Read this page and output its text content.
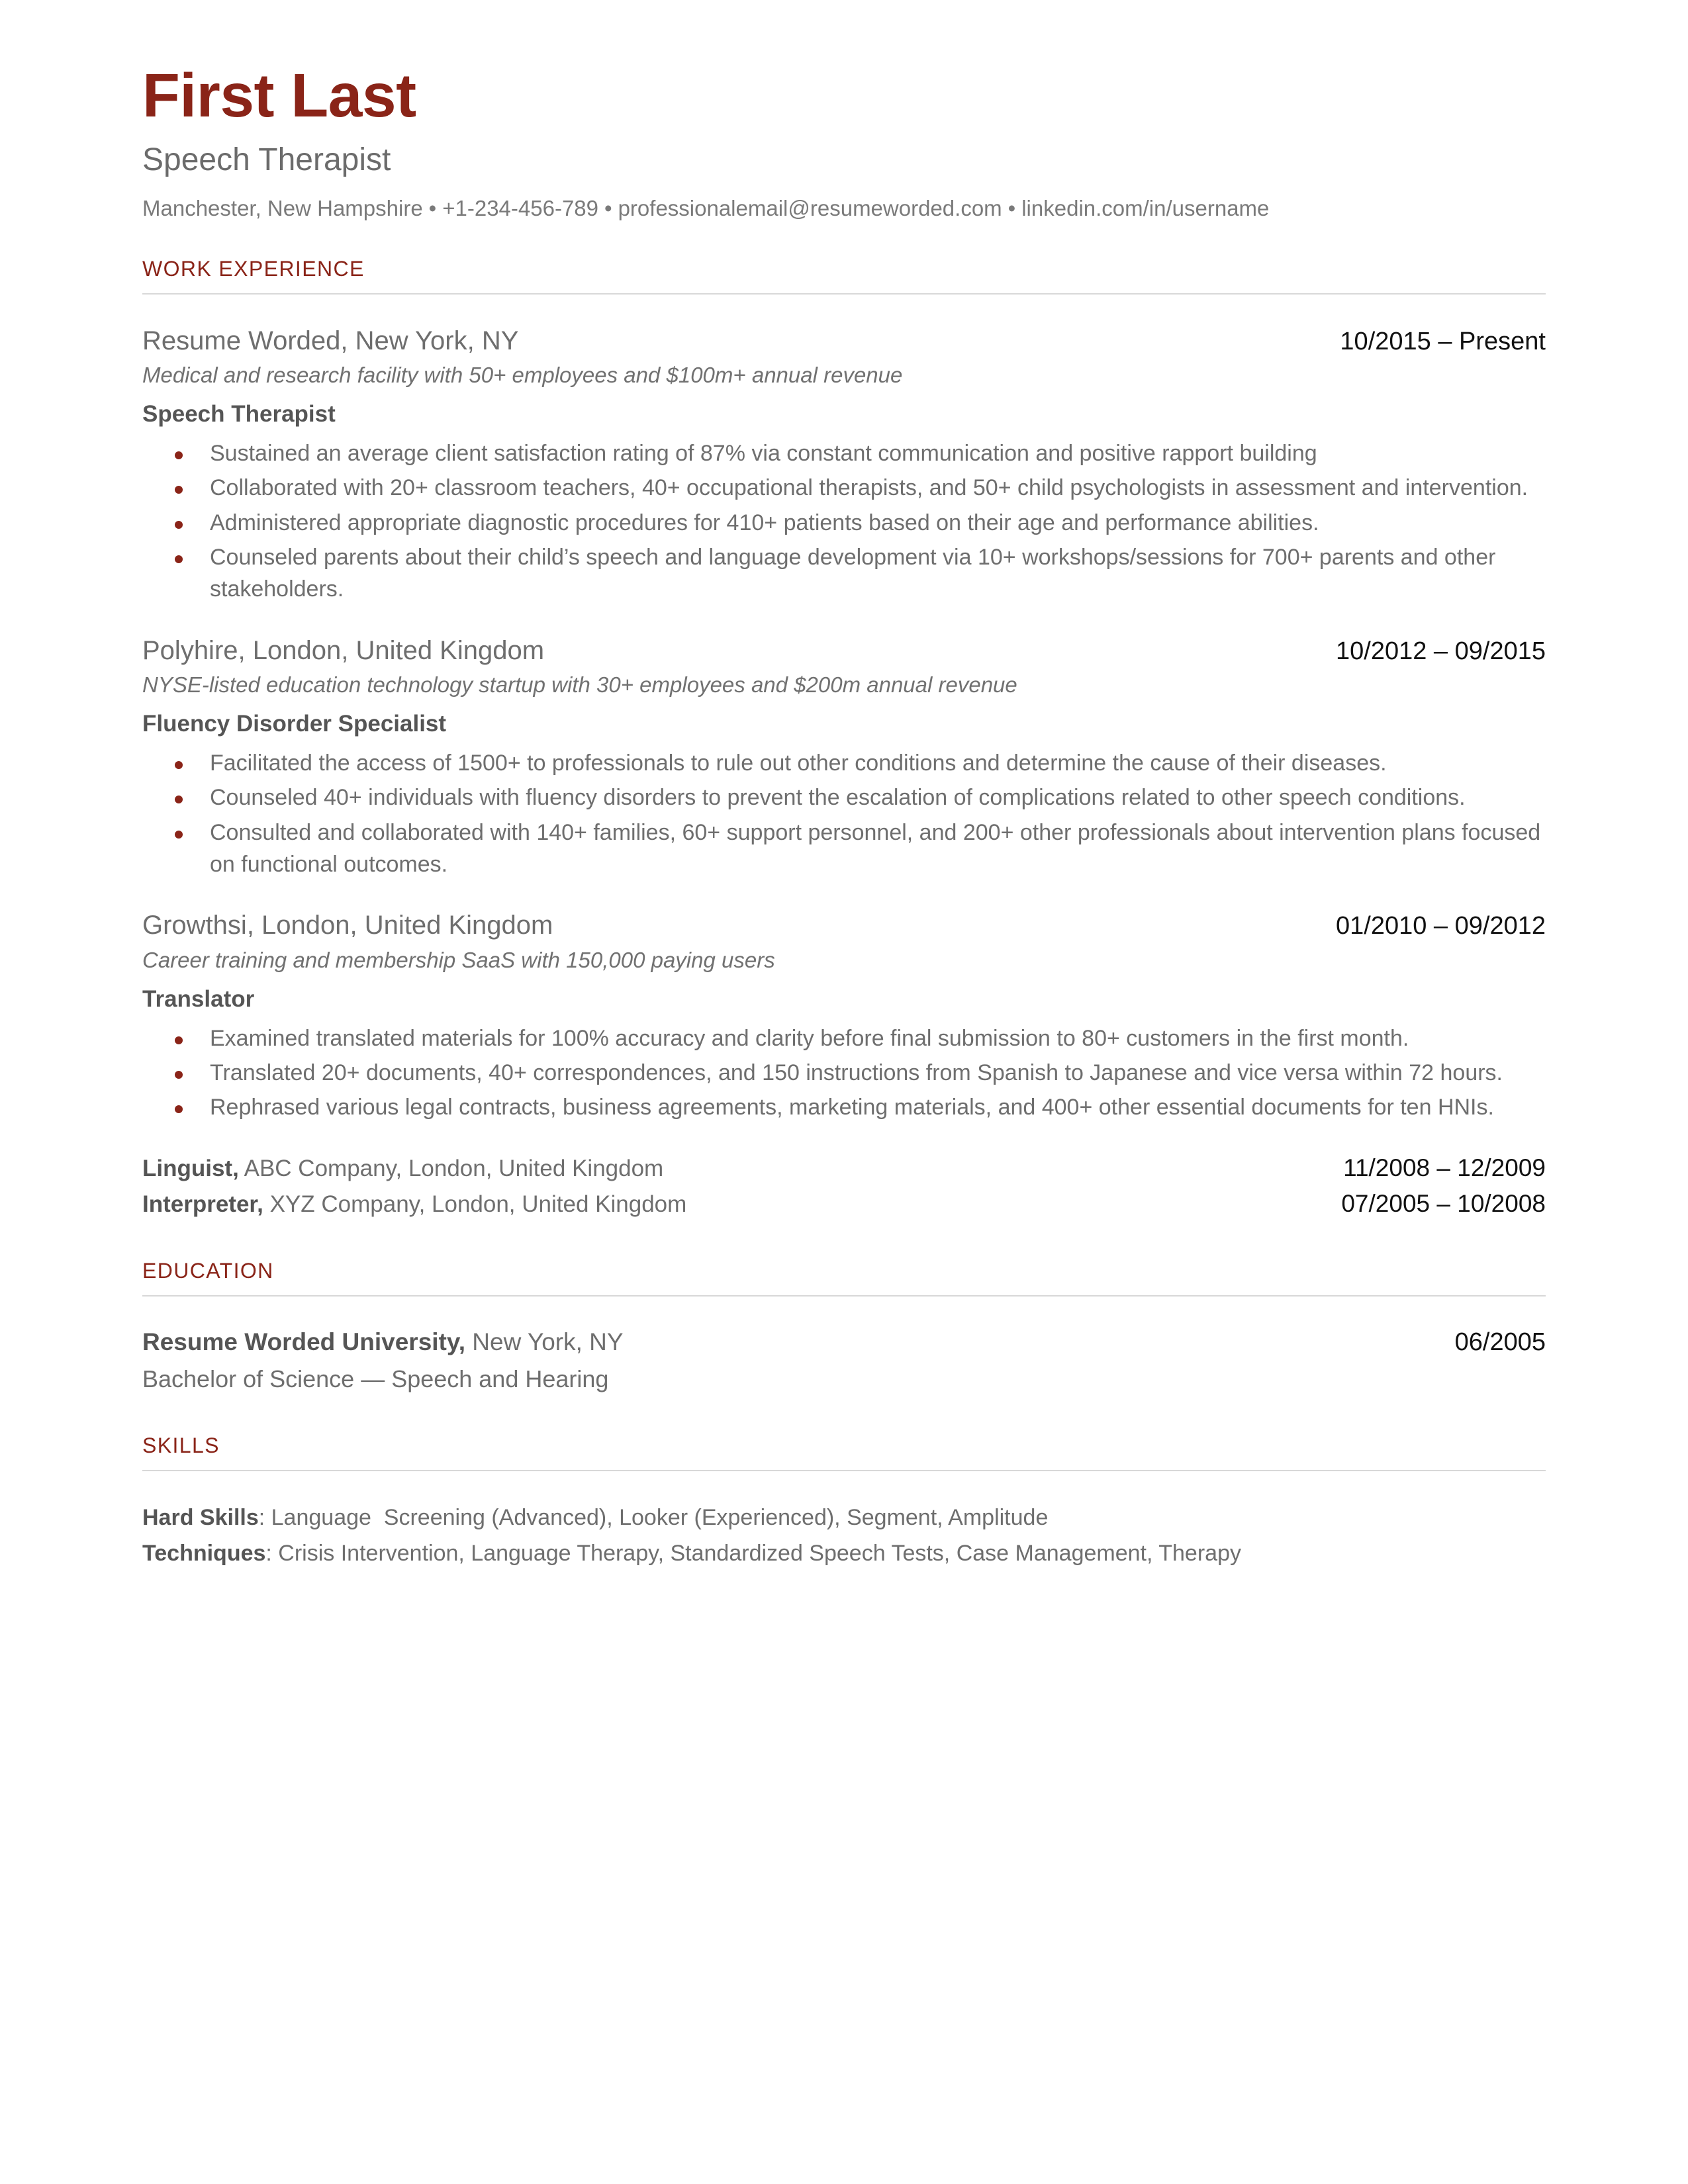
First Last
Speech Therapist
Manchester, New Hampshire • +1-234-456-789 • professionalemail@resumeworded.com • linkedin.com/in/username
WORK EXPERIENCE
Resume Worded, New York, NY	10/2015 – Present
Medical and research facility with 50+ employees and $100m+ annual revenue
Speech Therapist
Sustained an average client satisfaction rating of 87% via constant communication and positive rapport building
Collaborated with 20+ classroom teachers, 40+ occupational therapists, and 50+ child psychologists in assessment and intervention.
Administered appropriate diagnostic procedures for 410+ patients based on their age and performance abilities.
Counseled parents about their child’s speech and language development via 10+ workshops/sessions for 700+ parents and other stakeholders.
Polyhire, London, United Kingdom	10/2012 – 09/2015
NYSE-listed education technology startup with 30+ employees and $200m annual revenue
Fluency Disorder Specialist
Facilitated the access of 1500+ to professionals to rule out other conditions and determine the cause of their diseases.
Counseled 40+ individuals with fluency disorders to prevent the escalation of complications related to other speech conditions.
Consulted and collaborated with 140+ families, 60+ support personnel, and 200+ other professionals about intervention plans focused on functional outcomes.
Growthsi, London, United Kingdom	01/2010 – 09/2012
Career training and membership SaaS with 150,000 paying users
Translator
Examined translated materials for 100% accuracy and clarity before final submission to 80+ customers in the first month.
Translated 20+ documents, 40+ correspondences, and 150 instructions from Spanish to Japanese and vice versa within 72 hours.
Rephrased various legal contracts, business agreements, marketing materials, and 400+ other essential documents for ten HNIs.
Linguist, ABC Company, London, United Kingdom	11/2008 – 12/2009
Interpreter, XYZ Company, London, United Kingdom	07/2005 – 10/2008
EDUCATION
Resume Worded University, New York, NY	06/2005
Bachelor of Science — Speech and Hearing
SKILLS
Hard Skills: Language  Screening (Advanced), Looker (Experienced), Segment, Amplitude
Techniques: Crisis Intervention, Language Therapy, Standardized Speech Tests, Case Management, Therapy
